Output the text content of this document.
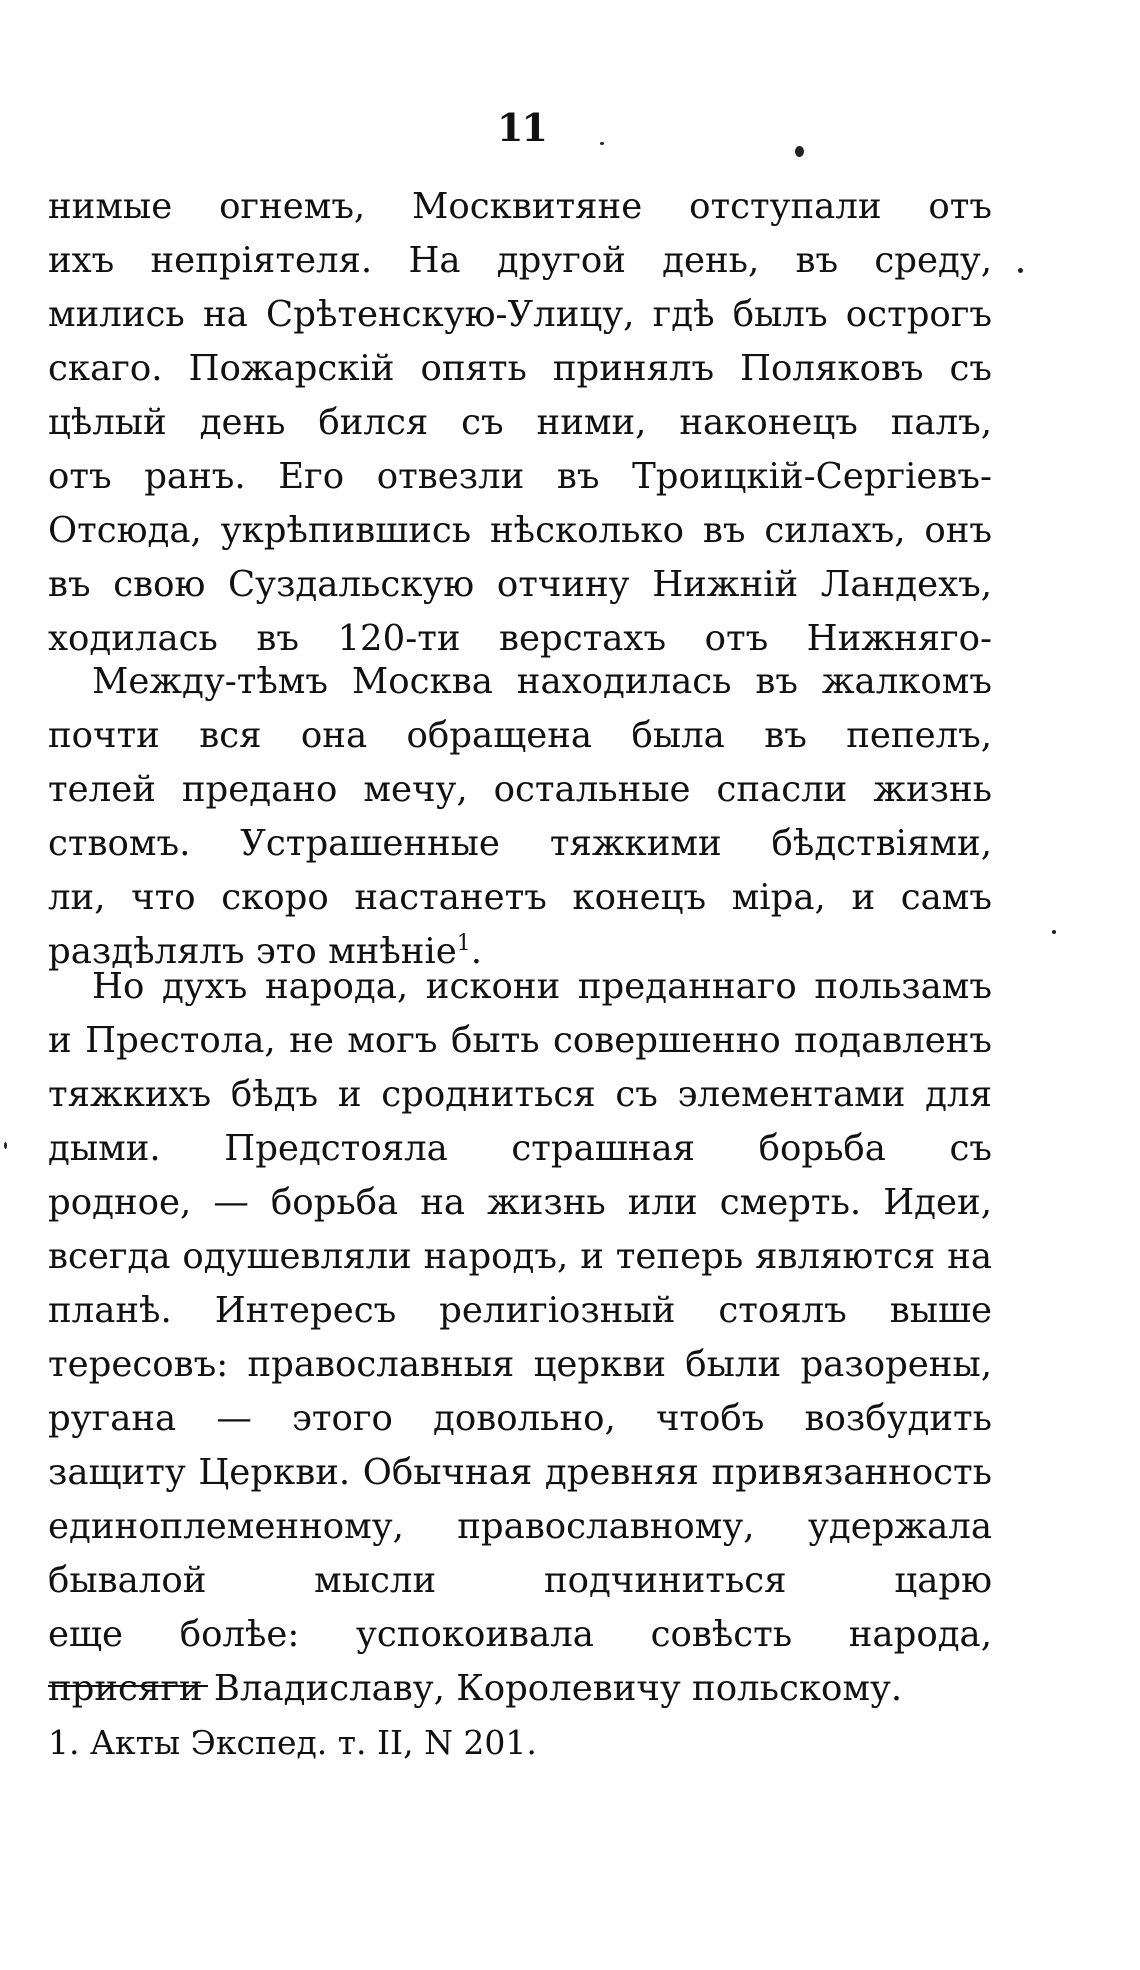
11
нимые огнемъ, Москвитяне отступали отъ
ихъ непріятеля. На другой день, въ среду,
мились на Срѣтенскую-Улицу, гдѣ былъ острогъ
скаго. Пожарскій опять принялъ Поляковъ съ
цѣлый день бился съ ними, наконецъ палъ,
отъ ранъ. Его отвезли въ Троицкій-Сергіевъ-
Отсюда, укрѣпившись нѣсколько въ силахъ, онъ
въ свою Суздальскую отчину Нижній Ландехъ,
ходилась въ 120-ти верстахъ отъ Нижняго-
Между-тѣмъ Москва находилась въ жалкомъ
почти вся она обращена была въ пепелъ,
телей предано мечу, остальные спасли жизнь
ствомъ. Устрашенные тяжкими бѣдствіями,
ли, что скоро настанетъ конецъ міра, и самъ
раздѣлялъ это мнѣніе$^1$.
Но духъ народа, искони преданнаго пользамъ
и Престола, не могъ быть совершенно подавленъ
тяжкихъ бѣдъ и сродниться съ элементами для
дыми. Предстояла страшная борьба съ
родное, — борьба на жизнь или смерть. Идеи,
всегда одушевляли народъ, и теперь являются на
планѣ. Интересъ религіозный стоялъ выше
тересовъ: православныя церкви были разорены,
ругана — этого довольно, чтобъ возбудить
защиту Церкви. Обычная древняя привязанность
единоплеменному, православному, удержала
бывалой мысли подчиниться царю
еще болѣе: успокоивала совѣсть народа,
присяги Владиславу, Королевичу польскому.
1. Акты Экспед. т. II, N 201.
